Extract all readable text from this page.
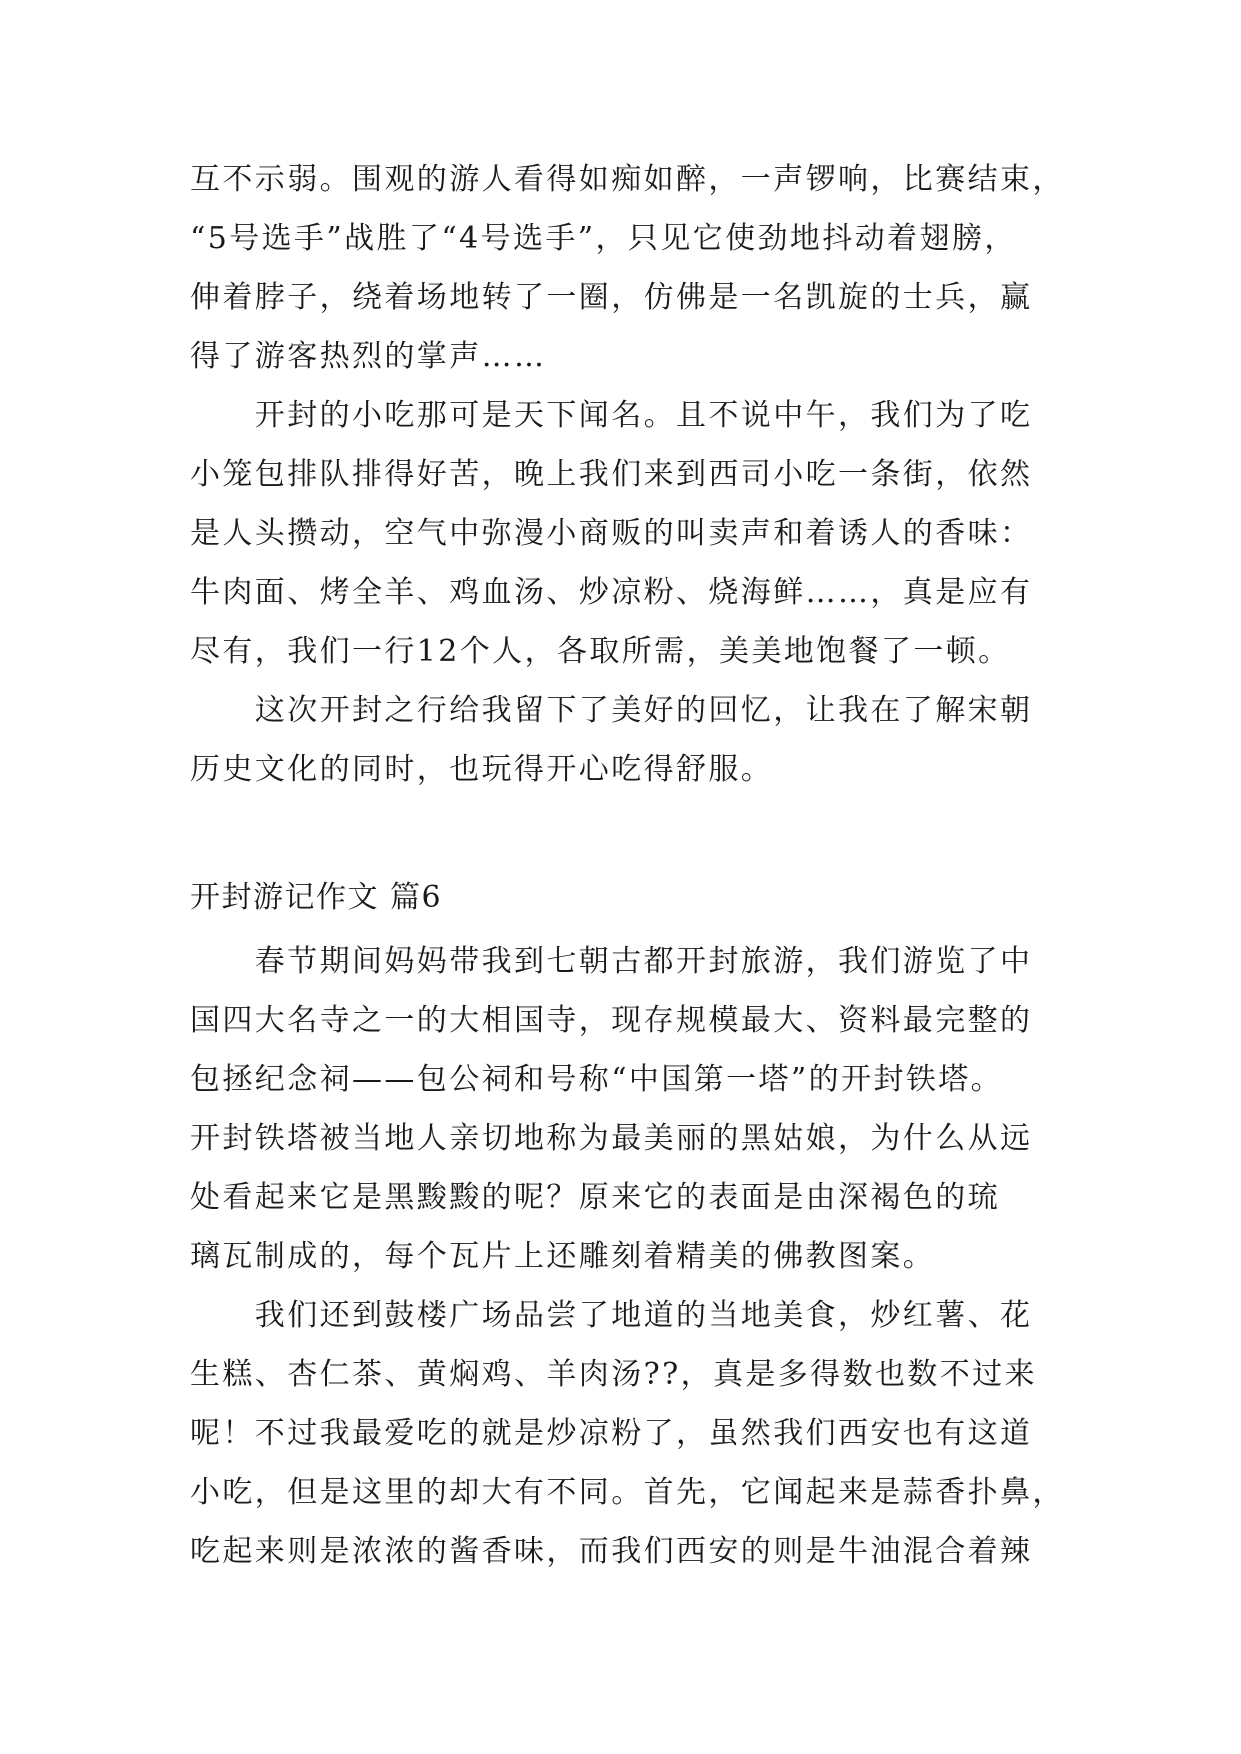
互不示弱。围观的游人看得如痴如醉，一声锣响，比赛结束，
“5号选手”战胜了“4号选手”，只见它使劲地抖动着翅膀，
伸着脖子，绕着场地转了一圈，仿佛是一名凯旋的士兵，赢
得了游客热烈的掌声……
　　开封的小吃那可是天下闻名。且不说中午，我们为了吃
小笼包排队排得好苦，晚上我们来到西司小吃一条街，依然
是人头攒动，空气中弥漫小商贩的叫卖声和着诱人的香味：
牛肉面、烤全羊、鸡血汤、炒凉粉、烧海鲜……，真是应有
尽有，我们一行12个人，各取所需，美美地饱餐了一顿。
　　这次开封之行给我留下了美好的回忆，让我在了解宋朝
历史文化的同时，也玩得开心吃得舒服。
开封游记作文 篇6
　　春节期间妈妈带我到七朝古都开封旅游，我们游览了中
国四大名寺之一的大相国寺，现存规模最大、资料最完整的
包拯纪念祠——包公祠和号称“中国第一塔”的开封铁塔。
开封铁塔被当地人亲切地称为最美丽的黑姑娘，为什么从远
处看起来它是黑黢黢的呢？原来它的表面是由深褐色的琉
璃瓦制成的，每个瓦片上还雕刻着精美的佛教图案。
　　我们还到鼓楼广场品尝了地道的当地美食，炒红薯、花
生糕、杏仁茶、黄焖鸡、羊肉汤??，真是多得数也数不过来
呢！不过我最爱吃的就是炒凉粉了，虽然我们西安也有这道
小吃，但是这里的却大有不同。首先，它闻起来是蒜香扑鼻，
吃起来则是浓浓的酱香味，而我们西安的则是牛油混合着辣
